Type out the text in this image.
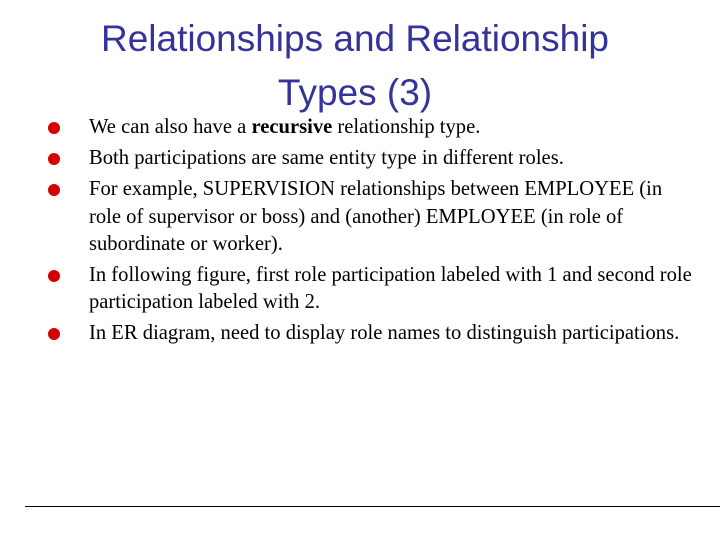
Relationships and Relationship
Types (3)
We can also have a recursive relationship type.
Both participations are same entity type in different roles.
For example, SUPERVISION relationships between EMPLOYEE (in role of supervisor or boss) and (another) EMPLOYEE (in role of subordinate or worker).
In following figure, first role participation labeled with 1 and second role participation labeled with 2.
In ER diagram, need to display role names to distinguish participations.
